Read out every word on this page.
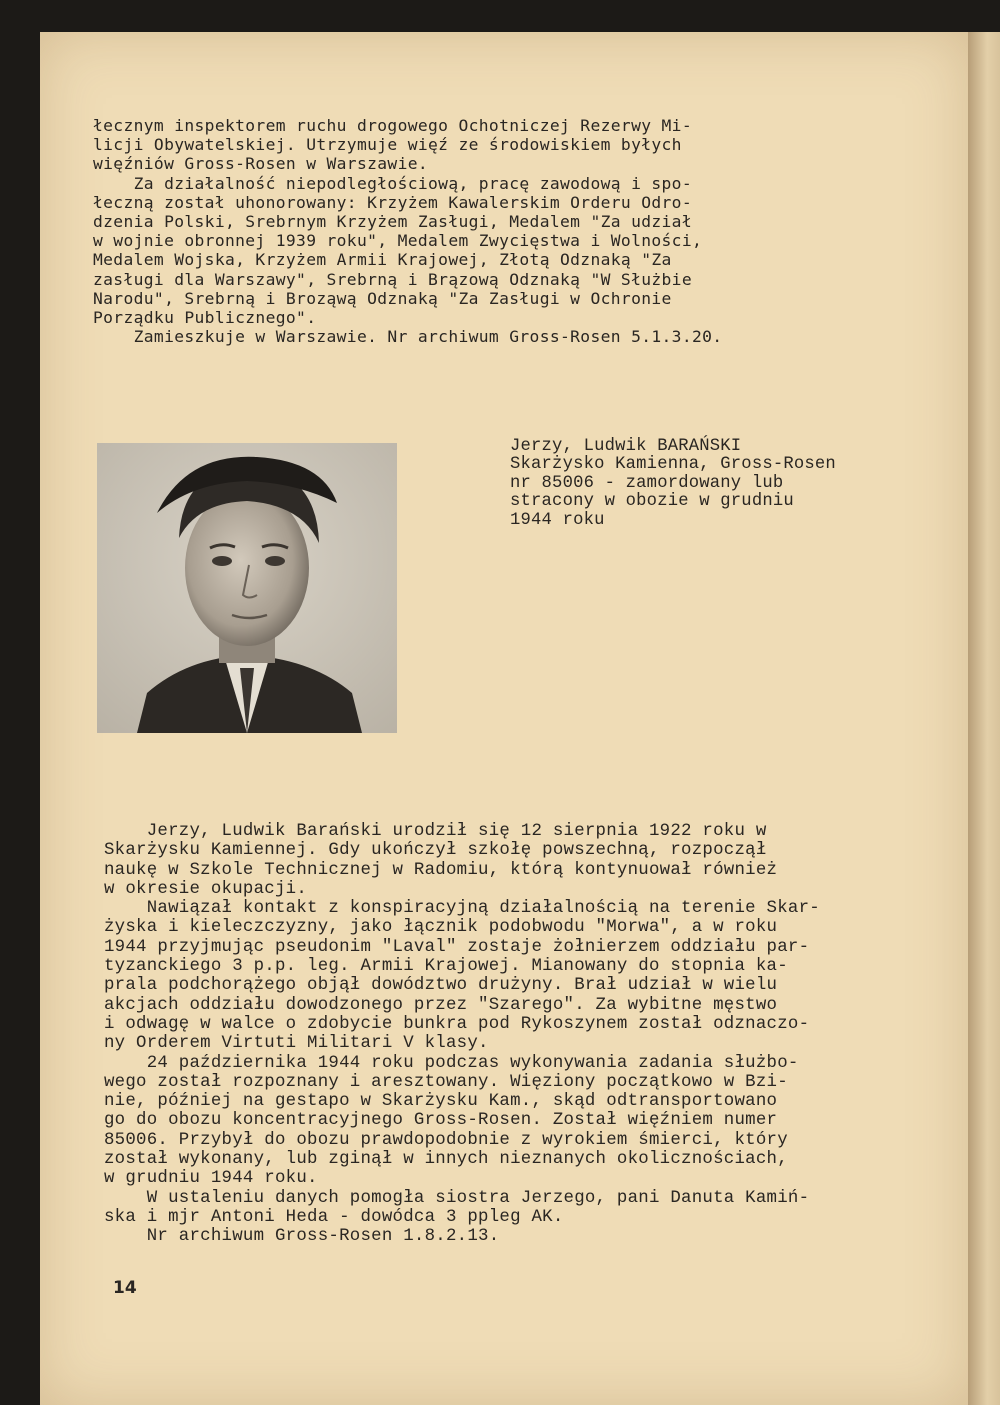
łecznym inspektorem ruchu drogowego Ochotniczej Rezerwy Mi-
licji Obywatelskiej. Utrzymuje więź ze środowiskiem byłych
więźniów Gross-Rosen w Warszawie.
Za działalność niepodległościową, pracę zawodową i spo-
łeczną został uhonorowany: Krzyżem Kawalerskim Orderu Odro-
dzenia Polski, Srebrnym Krzyżem Zasługi, Medalem "Za udział
w wojnie obronnej 1939 roku", Medalem Zwycięstwa i Wolności,
Medalem Wojska, Krzyżem Armii Krajowej, Złotą Odznaką "Za
zasługi dla Warszawy", Srebrną i Brązową Odznaką "W Służbie
Narodu", Srebrną i Broząwą Odznaką "Za Zasługi w Ochronie
Porządku Publicznego".
Zamieszkuje w Warszawie. Nr archiwum Gross-Rosen 5.1.3.20.
Jerzy, Ludwik BARAŃSKI
Skarżysko Kamienna, Gross-Rosen
nr 85006 - zamordowany lub
stracony w obozie w grudniu
1944 roku
Jerzy, Ludwik Barański urodził się 12 sierpnia 1922 roku w
Skarżysku Kamiennej. Gdy ukończył szkołę powszechną, rozpoczął
naukę w Szkole Technicznej w Radomiu, którą kontynuował również
w okresie okupacji.
Nawiązał kontakt z konspiracyjną działalnością na terenie Skar-
żyska i kieleczczyzny, jako łącznik podobwodu "Morwa", a w roku
1944 przyjmując pseudonim "Laval" zostaje żołnierzem oddziału par-
tyzanckiego 3 p.p. leg. Armii Krajowej. Mianowany do stopnia ka-
prala podchorążego objął dowództwo drużyny. Brał udział w wielu
akcjach oddziału dowodzonego przez "Szarego". Za wybitne męstwo
i odwagę w walce o zdobycie bunkra pod Rykoszynem został odznaczo-
ny Orderem Virtuti Militari V klasy.
24 października 1944 roku podczas wykonywania zadania służbo-
wego został rozpoznany i aresztowany. Więziony początkowo w Bzi-
nie, później na gestapo w Skarżysku Kam., skąd odtransportowano
go do obozu koncentracyjnego Gross-Rosen. Został więźniem numer
85006. Przybył do obozu prawdopodobnie z wyrokiem śmierci, który
został wykonany, lub zginął w innych nieznanych okolicznościach,
w grudniu 1944 roku.
W ustaleniu danych pomogła siostra Jerzego, pani Danuta Kamiń-
ska i mjr Antoni Heda - dowódca 3 ppleg AK.
Nr archiwum Gross-Rosen 1.8.2.13.
14
